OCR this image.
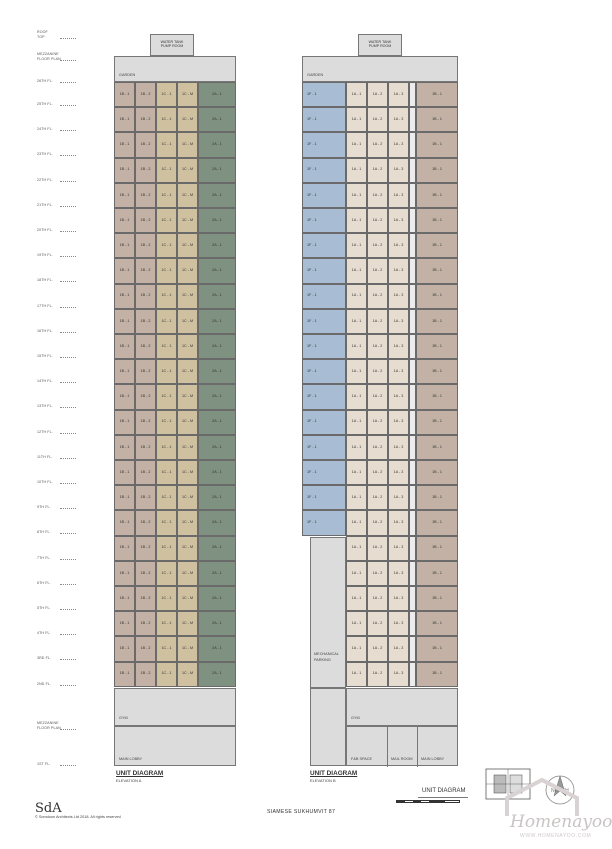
ROOF
TOP
MEZZANINE
FLOOR PLAN
26TH FL.
25TH FL.
24TH FL.
23TH FL.
22TH FL.
21TH FL.
20TH FL.
19TH FL.
18TH FL.
17TH FL.
16TH FL.
15TH FL.
14TH FL.
13TH FL.
12TH FL.
11TH FL.
10TH FL.
9TH FL.
8TH FL.
7TH FL.
6TH FL.
5TH FL.
4TH FL.
3RD FL.
2ND FL.
MEZZANINE
FLOOR PLAN
1ST FL.
WATER TANK
PUMP ROOM
GARDEN
1B - 1	1B - 2	1C - 1	1C - M	2A - 1
1B - 1	1B - 2	1C - 1	1C - M	2A - 1
1B - 1	1B - 2	1C - 1	1C - M	2A - 1
1B - 1	1B - 2	1C - 1	1C - M	2A - 1
1B - 1	1B - 2	1C - 1	1C - M	2A - 1
1B - 1	1B - 2	1C - 1	1C - M	2A - 1
1B - 1	1B - 2	1C - 1	1C - M	2A - 1
1B - 1	1B - 2	1C - 1	1C - M	2A - 1
1B - 1	1B - 2	1C - 1	1C - M	2A - 1
1B - 1	1B - 2	1C - 1	1C - M	2A - 1
1B - 1	1B - 2	1C - 1	1C - M	2A - 1
1B - 1	1B - 2	1C - 1	1C - M	2A - 1
1B - 1	1B - 2	1C - 1	1C - M	2A - 1
1B - 1	1B - 2	1C - 1	1C - M	2A - 1
1B - 1	1B - 2	1C - 1	1C - M	2A - 1
1B - 1	1B - 2	1C - 1	1C - M	2A - 1
1B - 1	1B - 2	1C - 1	1C - M	2A - 1
1B - 1	1B - 2	1C - 1	1C - M	2A - 1
1B - 1	1B - 2	1C - 1	1C - M	2A - 1
1B - 1	1B - 2	1C - 1	1C - M	2A - 1
1B - 1	1B - 2	1C - 1	1C - M	2A - 1
1B - 1	1B - 2	1C - 1	1C - M	2A - 1
1B - 1	1B - 2	1C - 1	1C - M	2A - 1
1B - 1	1B - 2	1C - 1	1C - M	2A - 1
GYM
MAIN LOBBY
UNIT DIAGRAM
ELEVATION A
WATER TANK
PUMP ROOM
GARDEN
1F - 1	1A - 1	1A - 2	1A - 3	1B - 1
1F - 1	1A - 1	1A - 2	1A - 3	1B - 1
1F - 1	1A - 1	1A - 2	1A - 3	1B - 1
1F - 1	1A - 1	1A - 2	1A - 3	1B - 1
1F - 1	1A - 1	1A - 2	1A - 3	1B - 1
1F - 1	1A - 1	1A - 2	1A - 3	1B - 1
1F - 1	1A - 1	1A - 2	1A - 3	1B - 1
1F - 1	1A - 1	1A - 2	1A - 3	1B - 1
1F - 1	1A - 1	1A - 2	1A - 3	1B - 1
1F - 1	1A - 1	1A - 2	1A - 3	1B - 1
1F - 1	1A - 1	1A - 2	1A - 3	1B - 1
1F - 1	1A - 1	1A - 2	1A - 3	1B - 1
1F - 1	1A - 1	1A - 2	1A - 3	1B - 1
1F - 1	1A - 1	1A - 2	1A - 3	1B - 1
1F - 1	1A - 1	1A - 2	1A - 3	1B - 1
1F - 1	1A - 1	1A - 2	1A - 3	1B - 1
1F - 1	1A - 1	1A - 2	1A - 3	1B - 1
1F - 1	1A - 1	1A - 2	1A - 3	1B - 1
1A - 1	1A - 2	1A - 3	1B - 1
1A - 1	1A - 2	1A - 3	1B - 1
1A - 1	1A - 2	1A - 3	1B - 1
1A - 1	1A - 2	1A - 3	1B - 1
1A - 1	1A - 2	1A - 3	1B - 1
1A - 1	1A - 2	1A - 3	1B - 1
MECHANICAL
PARKING
GYM
F&B SPACE	MAIL ROOM MAIN LOBBY
UNIT DIAGRAM
ELEVATION B
SdA
© Somdoon Architects Ltd 2018. All rights reserved
SIAMESE SUKHUMVIT 87
UNIT DIAGRAM	NORTH
Homenayoo
WWW.HOMENAYOO.COM
